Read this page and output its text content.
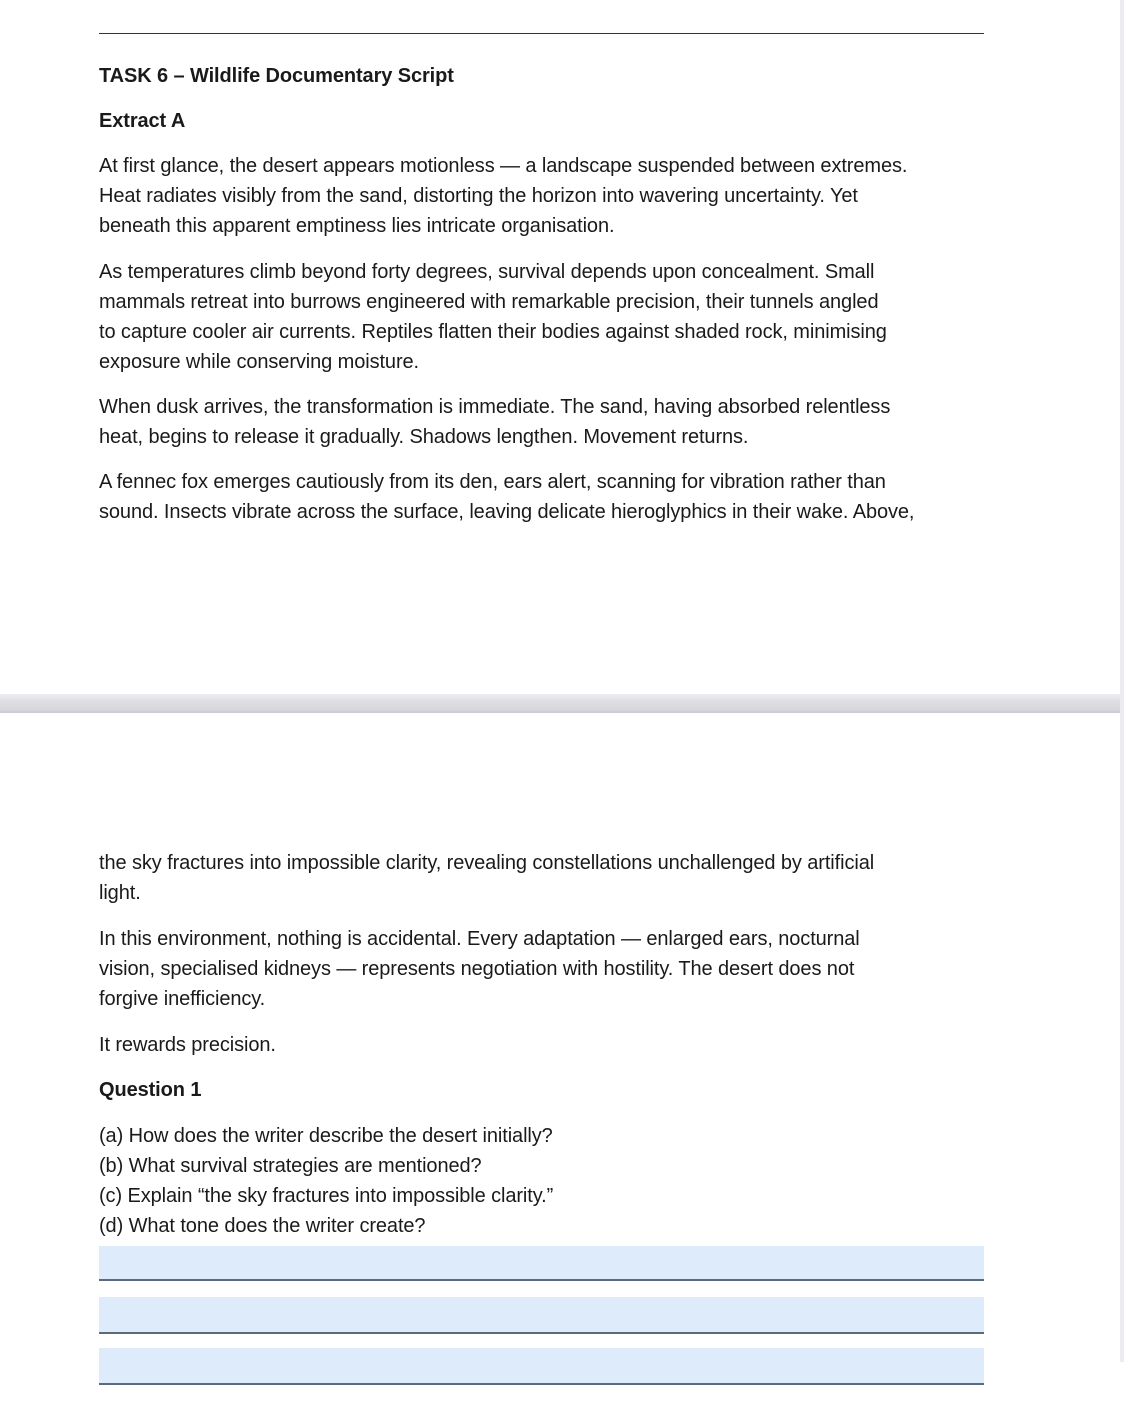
TASK 6 – Wildlife Documentary Script
Extract A
At first glance, the desert appears motionless — a landscape suspended between extremes.
Heat radiates visibly from the sand, distorting the horizon into wavering uncertainty. Yet
beneath this apparent emptiness lies intricate organisation.
As temperatures climb beyond forty degrees, survival depends upon concealment. Small
mammals retreat into burrows engineered with remarkable precision, their tunnels angled
to capture cooler air currents. Reptiles flatten their bodies against shaded rock, minimising
exposure while conserving moisture.
When dusk arrives, the transformation is immediate. The sand, having absorbed relentless
heat, begins to release it gradually. Shadows lengthen. Movement returns.
A fennec fox emerges cautiously from its den, ears alert, scanning for vibration rather than
sound. Insects vibrate across the surface, leaving delicate hieroglyphics in their wake. Above,
the sky fractures into impossible clarity, revealing constellations unchallenged by artificial
light.
In this environment, nothing is accidental. Every adaptation — enlarged ears, nocturnal
vision, specialised kidneys — represents negotiation with hostility. The desert does not
forgive inefficiency.
It rewards precision.
Question 1
(a) How does the writer describe the desert initially?
(b) What survival strategies are mentioned?
(c) Explain “the sky fractures into impossible clarity.”
(d) What tone does the writer create?
